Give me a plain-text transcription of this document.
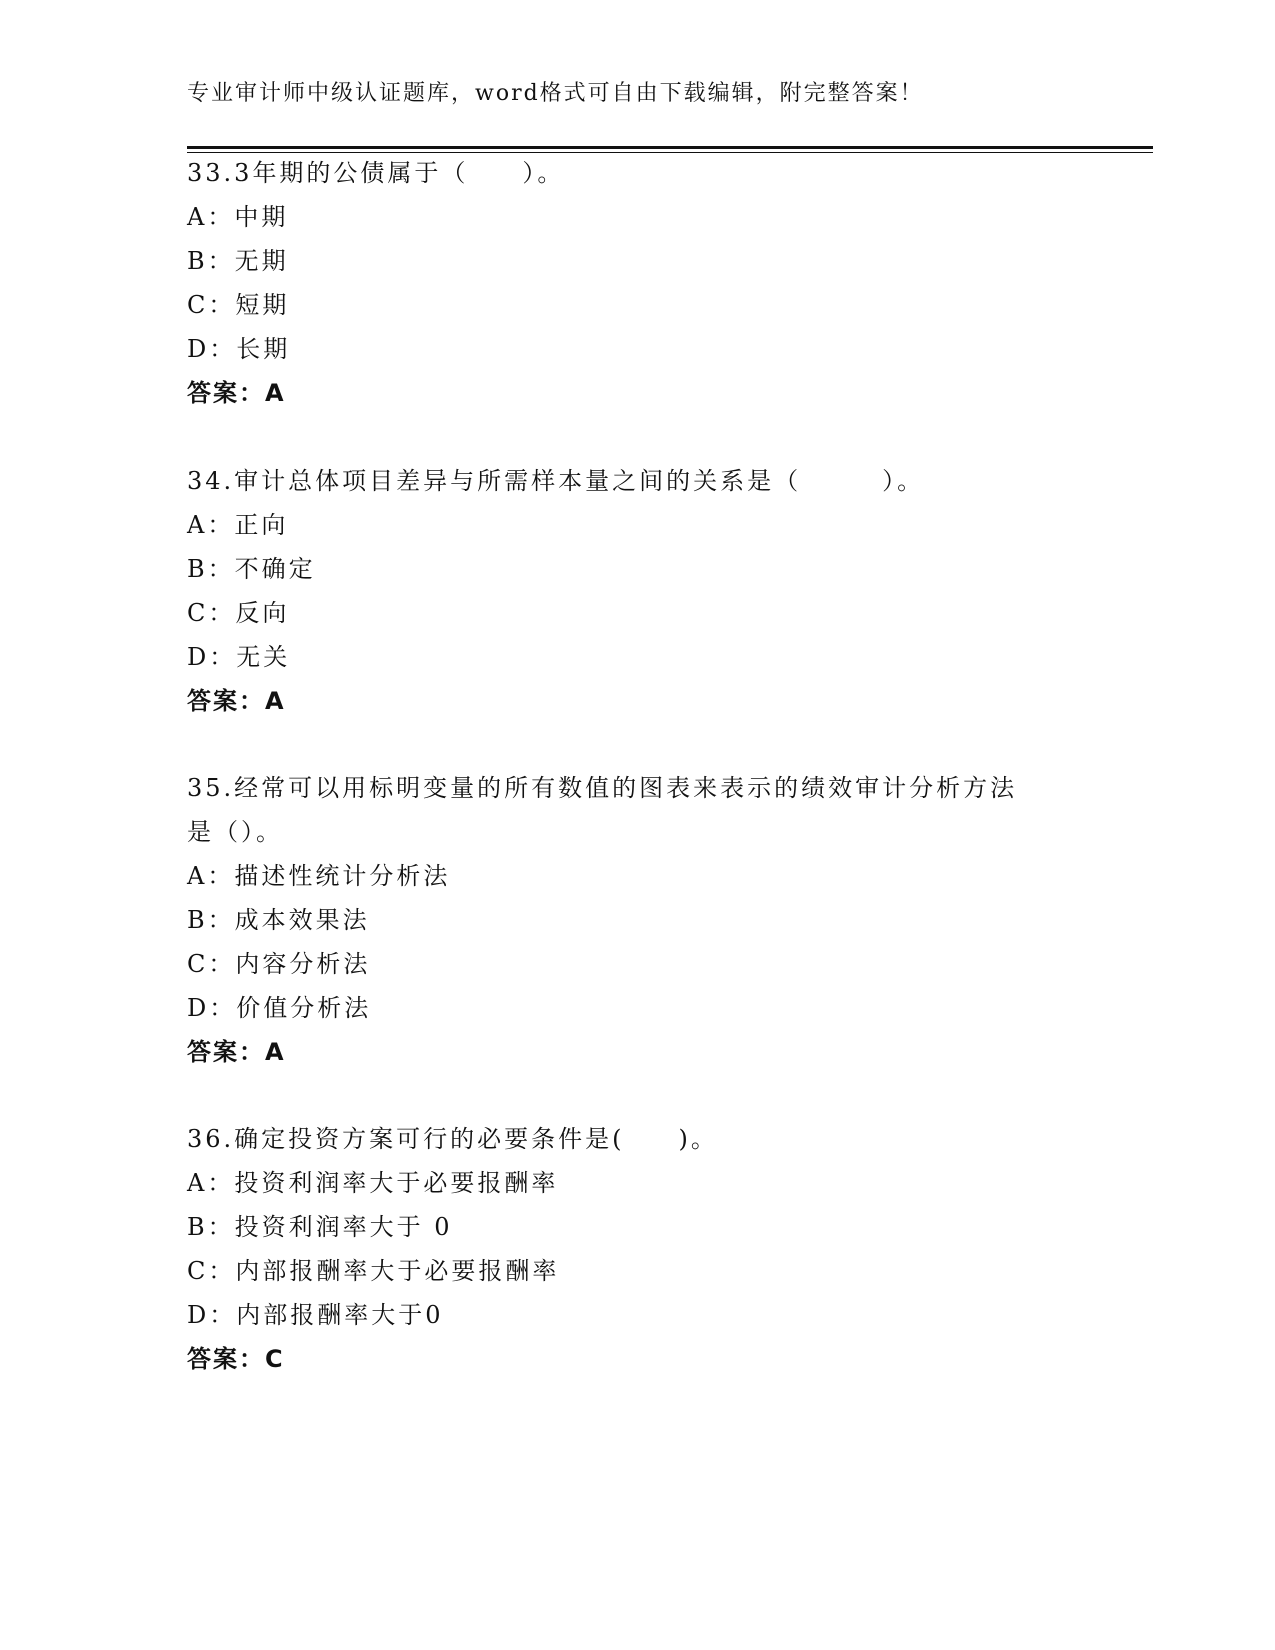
专业审计师中级认证题库，word格式可自由下载编辑，附完整答案！
33.3年期的公债属于（　　）。
A：中期
B：无期
C：短期
D：长期
答案：A
34.审计总体项目差异与所需样本量之间的关系是（　　　）。
A：正向
B：不确定
C：反向
D：无关
答案：A
35.经常可以用标明变量的所有数值的图表来表示的绩效审计分析方法
是（）。
A：描述性统计分析法
B：成本效果法
C：内容分析法
D：价值分析法
答案：A
36.确定投资方案可行的必要条件是(　　)。
A：投资利润率大于必要报酬率
B：投资利润率大于 0
C：内部报酬率大于必要报酬率
D：内部报酬率大于0
答案：C
